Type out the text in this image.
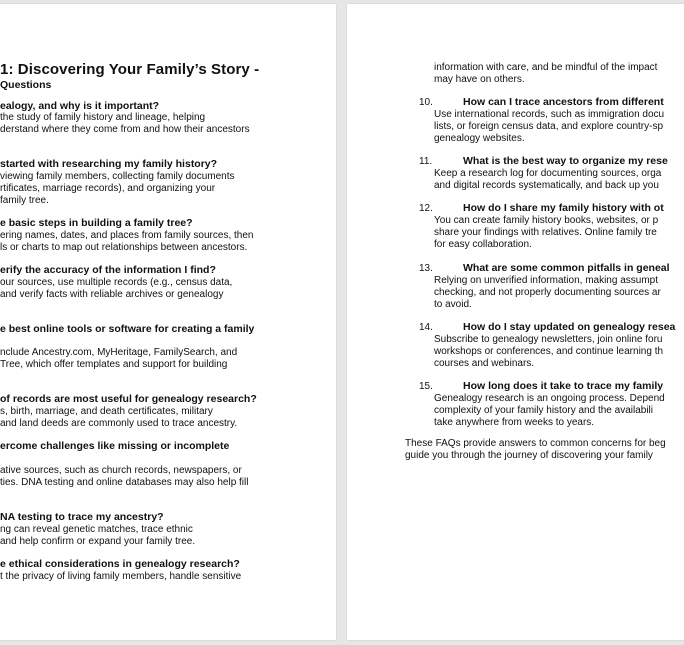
1: Discovering Your Family’s Story -
Questions
ealogy, and why is it important?
the study of family history and lineage, helping
derstand where they come from and how their ancestors
started with researching my family history?
viewing family members, collecting family documents
rtificates, marriage records), and organizing your
family tree.
e basic steps in building a family tree?
ering names, dates, and places from family sources, then
ls or charts to map out relationships between ancestors.
erify the accuracy of the information I find?
our sources, use multiple records (e.g., census data,
and verify facts with reliable archives or genealogy
e best online tools or software for creating a family
nclude Ancestry.com, MyHeritage, FamilySearch, and
Tree, which offer templates and support for building
of records are most useful for genealogy research?
s, birth, marriage, and death certificates, military
and land deeds are commonly used to trace ancestry.
ercome challenges like missing or incomplete
ative sources, such as church records, newspapers, or
ties. DNA testing and online databases may also help fill
NA testing to trace my ancestry?
ng can reveal genetic matches, trace ethnic
and help confirm or expand your family tree.
e ethical considerations in genealogy research?
t the privacy of living family members, handle sensitive
information with care, and be mindful of the impact
may have on others.
10.	How can I trace ancestors from different
Use international records, such as immigration docu
lists, or foreign census data, and explore country-sp
genealogy websites.
11.	What is the best way to organize my rese
Keep a research log for documenting sources, orga
and digital records systematically, and back up you
12.	How do I share my family history with ot
You can create family history books, websites, or p
share your findings with relatives. Online family tre
for easy collaboration.
13.	What are some common pitfalls in geneal
Relying on unverified information, making assumpt
checking, and not properly documenting sources ar
to avoid.
14.	How do I stay updated on genealogy resea
Subscribe to genealogy newsletters, join online foru
workshops or conferences, and continue learning th
courses and webinars.
15.	How long does it take to trace my family
Genealogy research is an ongoing process. Depend
complexity of your family history and the availabili
take anywhere from weeks to years.
These FAQs provide answers to common concerns for beg
guide you through the journey of discovering your family
